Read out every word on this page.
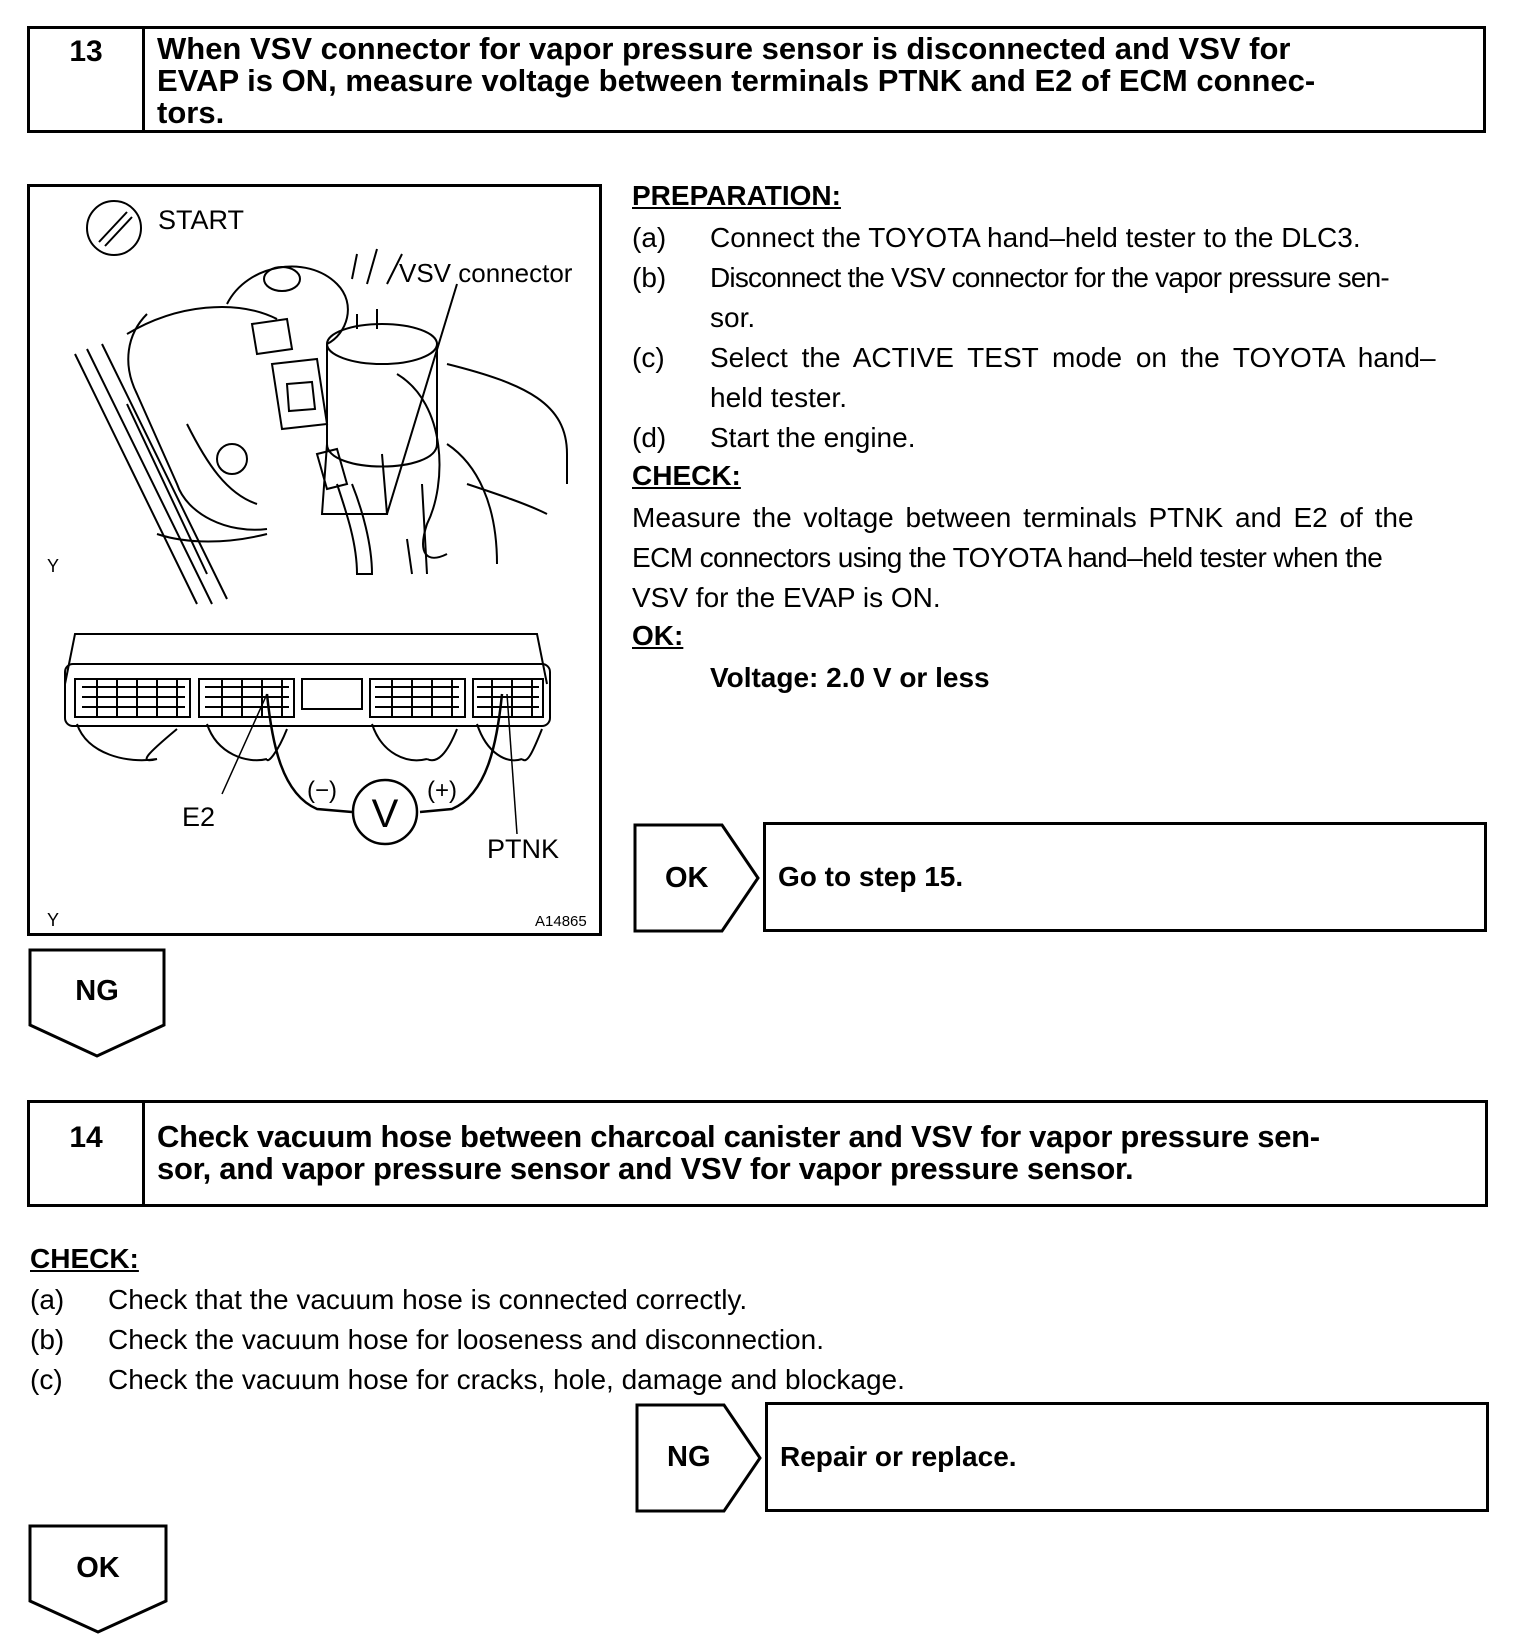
13	When VSV connector for vapor pressure sensor is disconnected and VSV for
EVAP is ON, measure voltage between terminals PTNK and E2 of ECM connec-
tors.
START
VSV connector
Y
V
(−)	(+)
E2
PTNK
Y	A14865
PREPARATION:
(a) Connect the TOYOTA hand–held tester to the DLC3.
(b) Disconnect the VSV connector for the vapor pressure sen-
sor.
(c) Select the ACTIVE TEST mode on the TOYOTA hand–
held tester.
(d) Start the engine.
CHECK:
Measure the voltage between terminals PTNK and E2 of the
ECM connectors using the TOYOTA hand–held tester when the
VSV for the EVAP is ON.
OK:
Voltage: 2.0 V or less
OK	Go to step 15.
NG
14	Check vacuum hose between charcoal canister and VSV for vapor pressure sen-
sor, and vapor pressure sensor and VSV for vapor pressure sensor.
CHECK:
(a) Check that the vacuum hose is connected correctly.
(b) Check the vacuum hose for looseness and disconnection.
(c) Check the vacuum hose for cracks, hole, damage and blockage.
NG	Repair or replace.
OK
